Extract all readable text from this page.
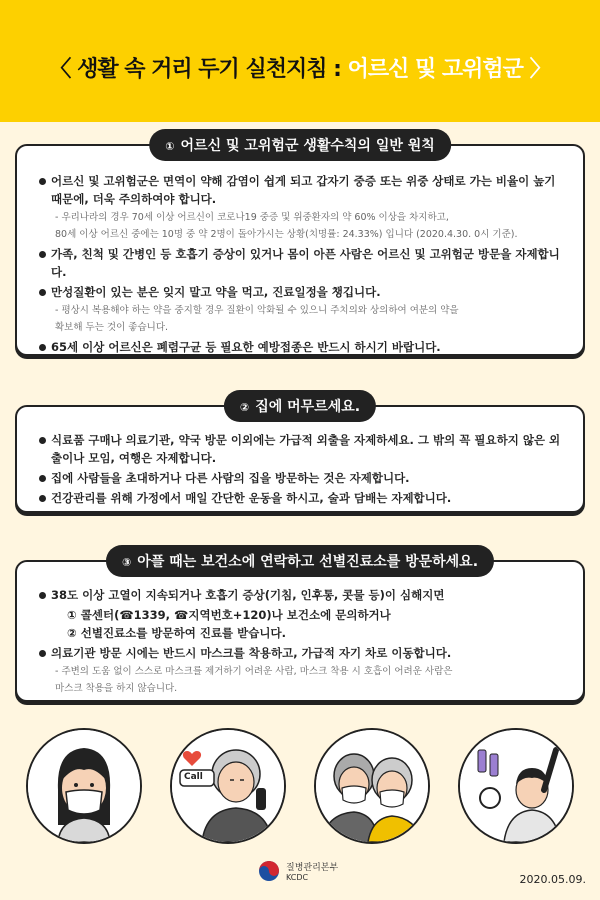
〈 생활 속 거리 두기 실천지침 : 어르신 및 고위험군 〉
① 어르신 및 고위험군 생활수칙의 일반 원칙
어르신 및 고위험군은 면역이 약해 감염이 쉽게 되고 갑자기 중증 또는 위중 상태로 가는 비율이 높기 때문에, 더욱 주의하여야 합니다.
- 우리나라의 경우 70세 이상 어르신이 코로나19 중증 및 위중환자의 약 60% 이상을 차지하고,
80세 이상 어르신 중에는 10명 중 약 2명이 돌아가시는 상황(치명률: 24.33%) 입니다 (2020.4.30. 0시 기준).
가족, 친척 및 간병인 등 호흡기 증상이 있거나 몸이 아픈 사람은 어르신 및 고위험군 방문을 자제합니다.
만성질환이 있는 분은 잊지 말고 약을 먹고, 진료일정을 챙깁니다.
- 평상시 복용해야 하는 약을 중지할 경우 질환이 악화될 수 있으니 주치의와 상의하여 여분의 약을
확보해 두는 것이 좋습니다.
65세 이상 어르신은 폐렴구균 등 필요한 예방접종은 반드시 하시기 바랍니다.
② 집에 머무르세요.
식료품 구매나 의료기관, 약국 방문 이외에는 가급적 외출을 자제하세요. 그 밖의 꼭 필요하지 않은 외출이나 모임, 여행은 자제합니다.
집에 사람들을 초대하거나 다른 사람의 집을 방문하는 것은 자제합니다.
건강관리를 위해 가정에서 매일 간단한 운동을 하시고, 술과 담배는 자제합니다.
③ 아플 때는 보건소에 연락하고 선별진료소를 방문하세요.
38도 이상 고열이 지속되거나 호흡기 증상(기침, 인후통, 콧물 등)이 심해지면
① 콜센터(☎1339, ☎지역번호+120)나 보건소에 문의하거나
② 선별진료소를 방문하여 진료를 받습니다.
의료기관 방문 시에는 반드시 마스크를 착용하고, 가급적 자기 차로 이동합니다.
- 주변의 도움 없이 스스로 마스크를 제거하기 어려운 사람, 마스크 착용 시 호흡이 어려운 사람은
마스크 착용을 하지 않습니다.
Call
질병관리본부
KCDC	2020.05.09.
